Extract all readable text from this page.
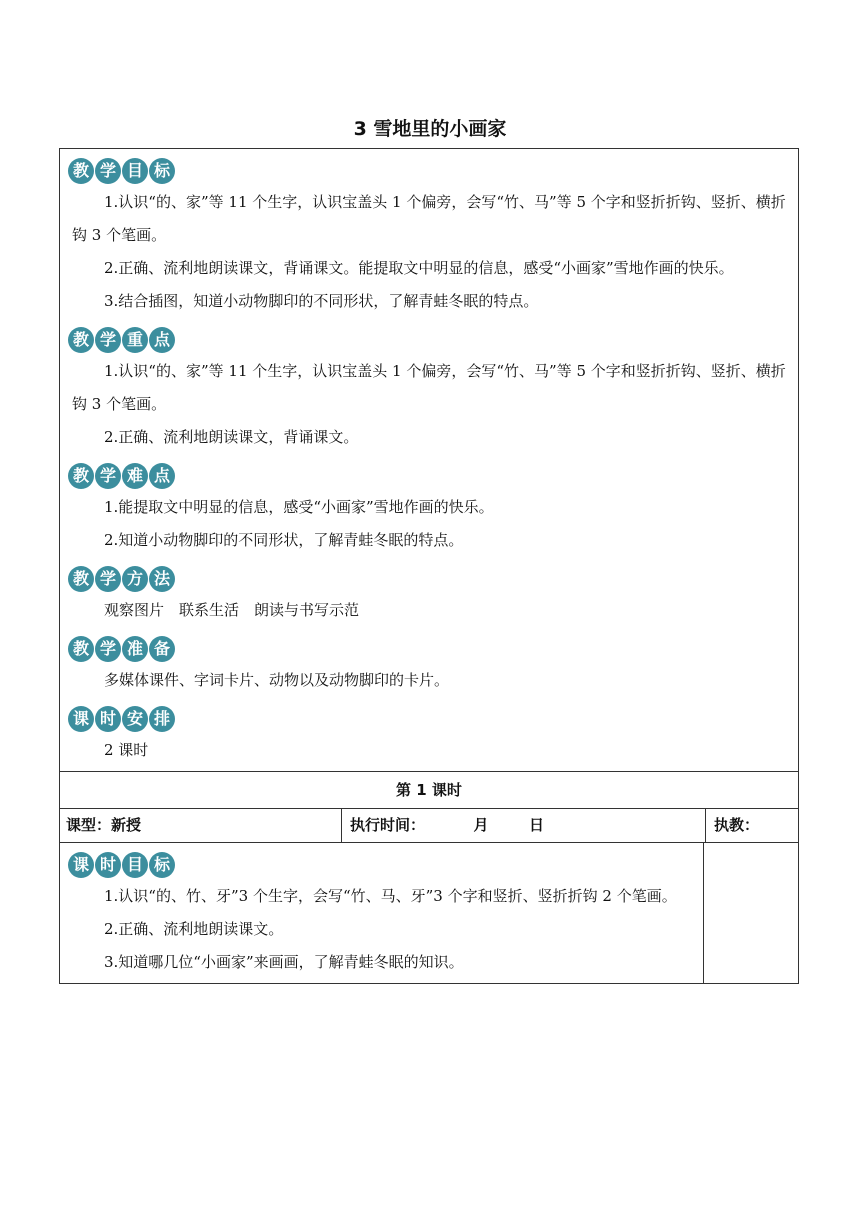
3 雪地里的小画家
教 学 目 标

1.认识“的、家”等 11 个生字，认识宝盖头 1 个偏旁，会写“竹、马”等 5 个字和竖折折钩、竖折、横折钩 3 个笔画。

2.正确、流利地朗读课文，背诵课文。能提取文中明显的信息，感受“小画家”雪地作画的快乐。

3.结合插图，知道小动物脚印的不同形状，了解青蛙冬眠的特点。

教 学 重 点

1.认识“的、家”等 11 个生字，认识宝盖头 1 个偏旁，会写“竹、马”等 5 个字和竖折折钩、竖折、横折钩 3 个笔画。

2.正确、流利地朗读课文，背诵课文。

教 学 难 点

1.能提取文中明显的信息，感受“小画家”雪地作画的快乐。

2.知道小动物脚印的不同形状，了解青蛙冬眠的特点。

教 学 方 法

观察图片　联系生活　朗读与书写示范

教 学 准 备

多媒体课件、字词卡片、动物以及动物脚印的卡片。

课 时 安 排

2 课时

第 1 课时
课型：新授	执行时间：	月	日	执教：
课 时 目 标

1.认识“的、竹、牙”3 个生字，会写“竹、马、牙”3 个字和竖折、竖折折钩 2 个笔画。

2.正确、流利地朗读课文。

3.知道哪几位“小画家”来画画，了解青蛙冬眠的知识。
